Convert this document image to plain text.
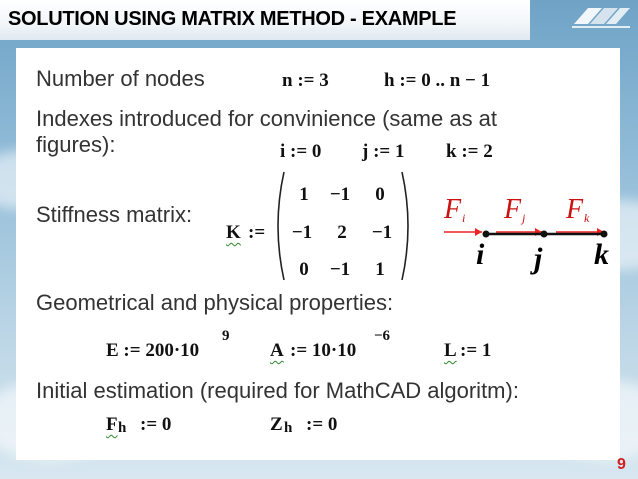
SOLUTION USING MATRIX METHOD - EXAMPLE
Number of nodes	n := 3	h := 0 .. n − 1
Indexes introduced for convinience (same as at
figures):	i := 0 j := 1 k := 2
Stiffness matrix:
K :=
1	−1	0
−1	2	−1
0	−1	1
F i F j F k
i j k
Geometrical and physical properties:
E := 200·10
9
A := 10·10
−6
L := 1
Initial estimation (required for MathCAD algoritm):
F h := 0	Z h := 0
9
